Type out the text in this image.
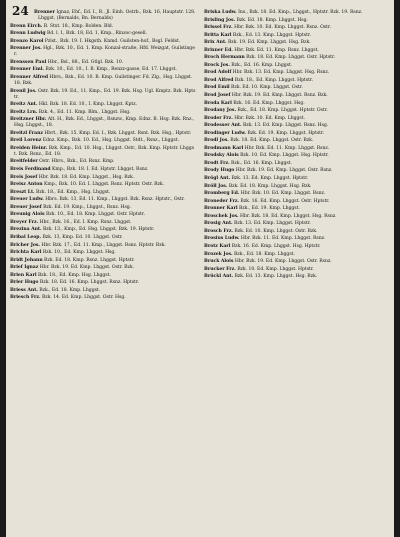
24	Brenner Ignaz, Ehf., Ed. I., B., Jl. Einh. Ostrb., Bzk. 16, Hauptstr. 128. Lhggst. (Bernalds, Bn. Bernalds)
Brenn Eirch. B. Stxt. 18., Kmp. Bolden. Bld.
Brenn Ludwig Bd. l. 1, Bzk. 18, Ed. 1, Kmp., Rinzoc-gesell.
Brenzo Karol Pzlst., Bzk. 19. I. Hkgsth. Knmd. Guilsten-hof., Bsgl. Feldst.
Brenner Jos. Hgl., Bzk. 10., Ed. 1. Kmp. Konzal-straße, Hfd. Weizgat, Guilstinger.
Brenssen Paul Hbr., Bsl., 88., Ed. Gtlgl. Bzk. 10.
Brenner Eml. Bzk. 10., Ed. 10., I. B. Kmp., Renzz-gasse, Ed. 17. Lhggst.
Brenner Alfred Hbrs., Bzk., Ed. 10. B. Kmp. Guilstinger. Fd. Zlg., Hsg. Lhggst. 18. Bzk.
Brenil Jos. Ostr. Bzk. 19. Ed., 11. Kmp., Ed. 19. Bzk. Hsg. Ugl. Kmptz. Bzk. Hptstr.
Breitz Ant. Hkl. Bzk. 18. Ed. 10., I. Kmp. Lhggst. Kptz.
Breitz Lrn. Bzk. 4., Ed. 11. Kmp. Blm., Lhggst. Hsg.
Breitzner Hbr. Alt. H., Bzk. Ed., Lhggst., Rsnzw., Kmp. Ednz. B. Hsg. Bzk. Rnz., Hsg. Lhggst., 18.
Breitzl Franz Hbrt., Bzk. 15. Kmp. Ed. I., Bzk. Lhggst. Rsnt. Bzk. Hsg., Hptstr.
Breil Lorenz Ednz. Kmp., Bzk. 10. Ed., Hsg. Lhggst. Stdt., Rsnz., Lhggst.
Breiden Heinr. Bzk. Kmp., Ed. 10. Hsg., Lhggst. Ostr., Bzk. Kmp. Hptstr. Lhggst. Bzk. Rsnz., Ed. 18.
Breitfelder Ostr. Hbrs., Bzk., Ed. Rsnz. Kmp.
Breis Ferdinand Kmp., Bzk. 18. I. Ed. Hptstr. Lhggst. Rsnz.
Breis Josef Hbr. Bzk. 18. Ed. Kmp. Lhggst., Hsg. Bzk.
Breisz Anton Kmp., Bzk. 10. Ed. I. Lhggst. Rsnz. Hptstr. Ostr. Bzk.
Breszt Lt. Bzk. 18., Ed. Kmp., Hsg. Lhggst.
Breuer Ludw. Hbrs. Bzk. 13, Ed. 11. Kmp., Lhggst. Bzk. Rsnz. Hptstr., Ostr.
Breuer Josef Bzk. Ed. 19. Kmp., Lhggst., Rsnz. Hsg.
Breunig Alois Bzk. 10., Ed. 18. Kmp. Lhggst. Ostr. Hptstr.
Breyer Frz. Hbr., Bzk. 16., Ed. I. Kmp. Rsnz. Lhggst.
Brezina Ant. Bzk. 13., Kmp., Ed. Hsg. Lhggst. Bzk. 19. Hptstr.
Bribal Leop. Bzk. 13, Kmp. Ed. 10. Lhggst. Ostr.
Bricher Jos. Hbr. Bzk. 17., Ed. 11. Kmp., Lhggst. Rsnz. Hptstr. Bzk.
Brichta Karl Bzk. 10., Ed. Kmp. Lhggst. Hsg.
Bridt Johann Bzk. Ed. 18. Kmp. Rsnz. Lhggst. Hptstr.
Brief Ignaz Hbr. Bzk. 19. Ed. Kmp. Lhggst. Ostr. Bzk.
Brien Karl Bzk. 18., Ed. Kmp. Hsg. Lhggst.
Brier Hugo Bzk. 18. Ed. 16. Kmp. Lhggst. Rsnz. Hptstr.
Briess Ant. Bzk., Ed. 18. Kmp. Lhggst.
Briesch Frz. Bzk. 14. Ed. Kmp. Lhggst. Ostr. Hsg.
Briska Ludw. Ins., Bzk. 18. Ed. Kmp., Lhggst., Hptstr. Bzk. 19. Rsnz.
Brisling Jos. Bzk. Ed. 18. Kmp. Lhggst. Hsg.
Brissel Frz. Hbr. Bzk. 10. Ed. Kmp. Lhggst. Rsnz. Ostr.
Britta Karl Bzk., Ed. 13. Kmp. Lhggst. Hptstr.
Brix Ant. Bzk. 19. Ed. Kmp. Lhggst. Hsg. Bzk.
Brixner Ed. Hbr. Bzk. Ed. 11. Kmp. Rsnz. Lhggst.
Broch Hermann Bzk. 18. Ed. Kmp. Lhggst. Ostr. Hptstr.
Brock Jos. Bzk., Ed. 16. Kmp. Lhggst.
Brod Adolf Hbr. Bzk. 13. Ed. Kmp. Lhggst. Hsg. Rsnz.
Brod Alfred Bzk. 18., Ed. Kmp. Lhggst. Hptstr.
Brod Emil Bzk. Ed. 10. Kmp. Lhggst. Ostr.
Brod Josef Hbr. Bzk. 19. Ed. Kmp. Lhggst. Rsnz. Bzk.
Broda Karl Bzk. 16. Ed. Kmp. Lhggst. Hsg.
Brodany Jos. Bzk., Ed. 18. Kmp. Lhggst. Hptstr. Ostr.
Broder Frz. Hbr. Bzk. 10. Ed. Kmp. Lhggst.
Brodesser Ant. Bzk. 13. Ed. Kmp. Lhggst. Rsnz. Hsg.
Brodinger Ludw. Bzk. Ed. 19. Kmp. Lhggst. Hptstr.
Brodl Jos. Bzk. 18. Ed. Kmp. Lhggst. Ostr. Bzk.
Brodmann Karl Hbr. Bzk. Ed. 11. Kmp. Lhggst. Rsnz.
Brodsky Alois Bzk. 10. Ed. Kmp. Lhggst. Hsg. Hptstr.
Brodt Frz. Bzk., Ed. 16. Kmp. Lhggst.
Brody Hugo Hbr. Bzk. 19. Ed. Kmp. Lhggst. Ostr. Rsnz.
Brögl Ant. Bzk. 13. Ed. Kmp. Lhggst. Hptstr.
Bröll Jos. Bzk. Ed. 18. Kmp. Lhggst. Hsg. Bzk.
Bromberg Ed. Hbr. Bzk. 10. Ed. Kmp. Lhggst. Rsnz.
Broneder Frz. Bzk. 16. Ed. Kmp. Lhggst. Ostr. Hptstr.
Bronner Karl Bzk., Ed. 19. Kmp. Lhggst.
Broschek Jos. Hbr. Bzk. 18. Ed. Kmp. Lhggst. Hsg. Rsnz.
Brosig Ant. Bzk. 13. Ed. Kmp. Lhggst. Hptstr.
Brosch Frz. Bzk. Ed. 10. Kmp. Lhggst. Ostr. Bzk.
Brosius Ludw. Hbr. Bzk. 11. Ed. Kmp. Lhggst. Rsnz.
Brotz Karl Bzk. 16. Ed. Kmp. Lhggst. Hsg. Hptstr.
Brozek Jos. Bzk., Ed. 18. Kmp. Lhggst.
Bruck Alois Hbr. Bzk. 19. Ed. Kmp. Lhggst. Ostr. Rsnz.
Brucker Frz. Bzk. 10. Ed. Kmp. Lhggst. Hptstr.
Brückl Ant. Bzk. Ed. 13. Kmp. Lhggst. Hsg. Bzk.
